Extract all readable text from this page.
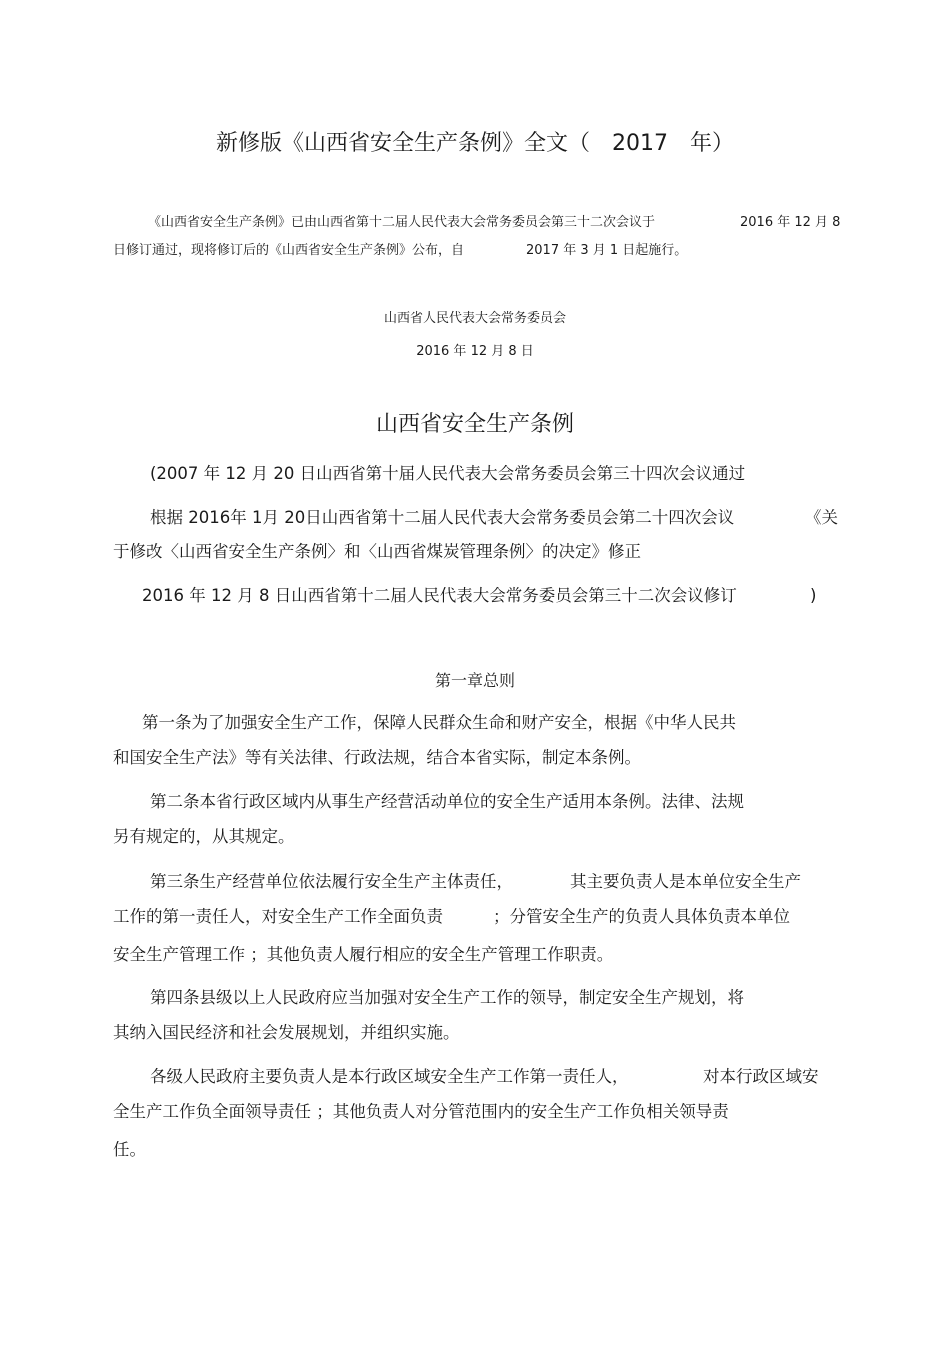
新修版《山西省安全生产条例》全文（　2017　年）
《山西省安全生产条例》已由山西省第十二届人民代表大会常务委员会第三十二次会议于	2016 年 12 月 8
日修订通过，现将修订后的《山西省安全生产条例》公布，自	2017 年 3 月 1 日起施行。
山西省人民代表大会常务委员会
2016 年 12 月 8 日
山西省安全生产条例
(2007 年 12 月 20 日山西省第十届人民代表大会常务委员会第三十四次会议通过
根据 2016年 1月 20日山西省第十二届人民代表大会常务委员会第二十四次会议	《关
于修改〈山西省安全生产条例〉和〈山西省煤炭管理条例〉的决定》修正
2016 年 12 月 8 日山西省第十二届人民代表大会常务委员会第三十二次会议修订	)
第一章总则
第一条为了加强安全生产工作，保障人民群众生命和财产安全，根据《中华人民共
和国安全生产法》等有关法律、行政法规，结合本省实际，制定本条例。
第二条本省行政区域内从事生产经营活动单位的安全生产适用本条例。法律、法规
另有规定的，从其规定。
第三条生产经营单位依法履行安全生产主体责任，	其主要负责人是本单位安全生产
工作的第一责任人，对安全生产工作全面负责	；分管安全生产的负责人具体负责本单位
安全生产管理工作 ；其他负责人履行相应的安全生产管理工作职责。
第四条县级以上人民政府应当加强对安全生产工作的领导，制定安全生产规划，将
其纳入国民经济和社会发展规划，并组织实施。
各级人民政府主要负责人是本行政区域安全生产工作第一责任人，	对本行政区域安
全生产工作负全面领导责任 ；其他负责人对分管范围内的安全生产工作负相关领导责
任。
